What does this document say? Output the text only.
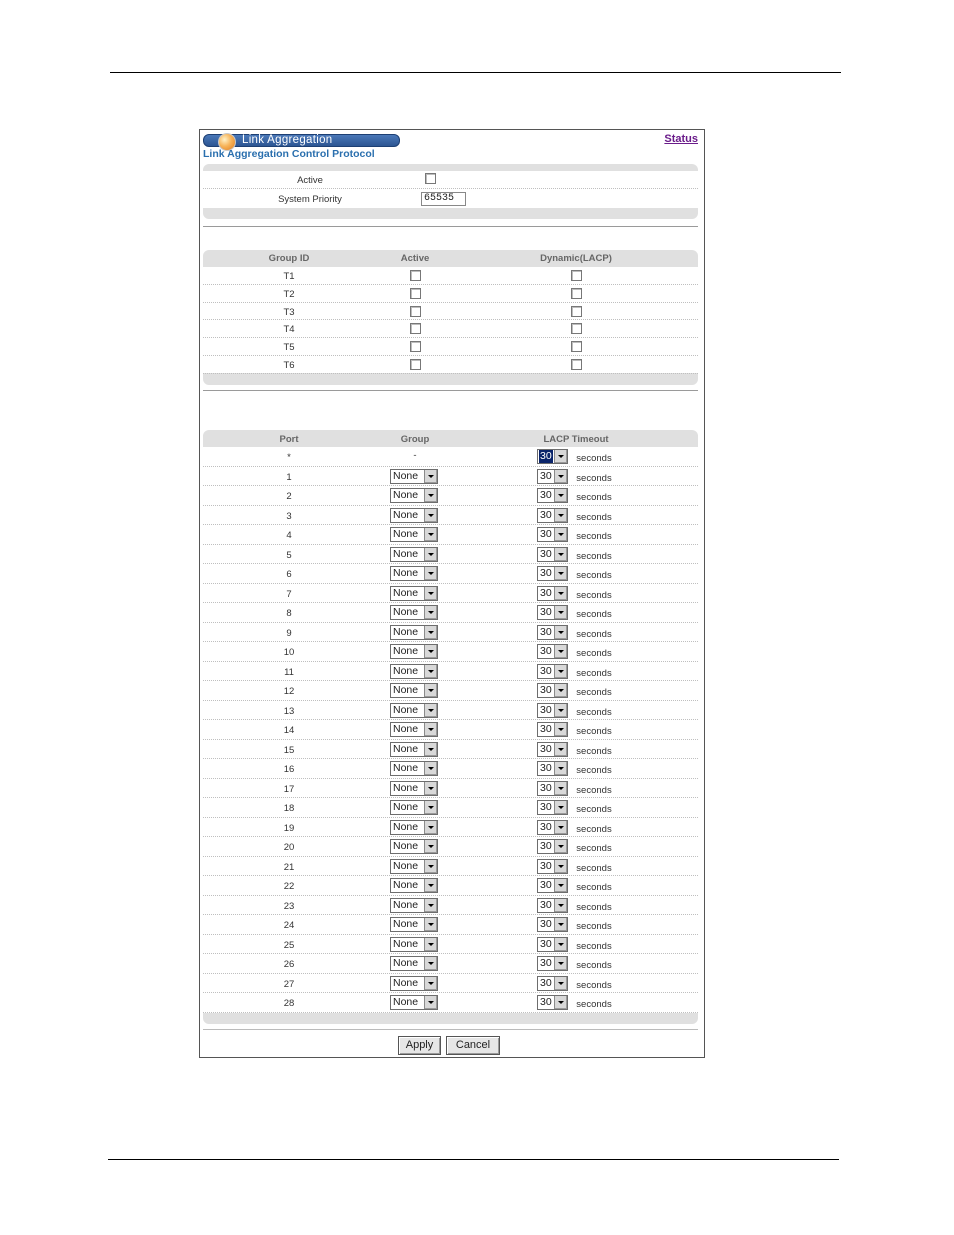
Link Aggregation	Status
Link Aggregation Control Protocol
Active
System Priority	65535
Group ID	Active	Dynamic(LACP)
T1
T2
T3
T4
T5
T6
Port	Group	LACP Timeout
*	-	30	seconds
1	None	30	seconds
2	None	30	seconds
3	None	30	seconds
4	None	30	seconds
5	None	30	seconds
6	None	30	seconds
7	None	30	seconds
8	None	30	seconds
9	None	30	seconds
10	None	30	seconds
11	None	30	seconds
12	None	30	seconds
13	None	30	seconds
14	None	30	seconds
15	None	30	seconds
16	None	30	seconds
17	None	30	seconds
18	None	30	seconds
19	None	30	seconds
20	None	30	seconds
21	None	30	seconds
22	None	30	seconds
23	None	30	seconds
24	None	30	seconds
25	None	30	seconds
26	None	30	seconds
27	None	30	seconds
28	None	30	seconds
Apply	Cancel
